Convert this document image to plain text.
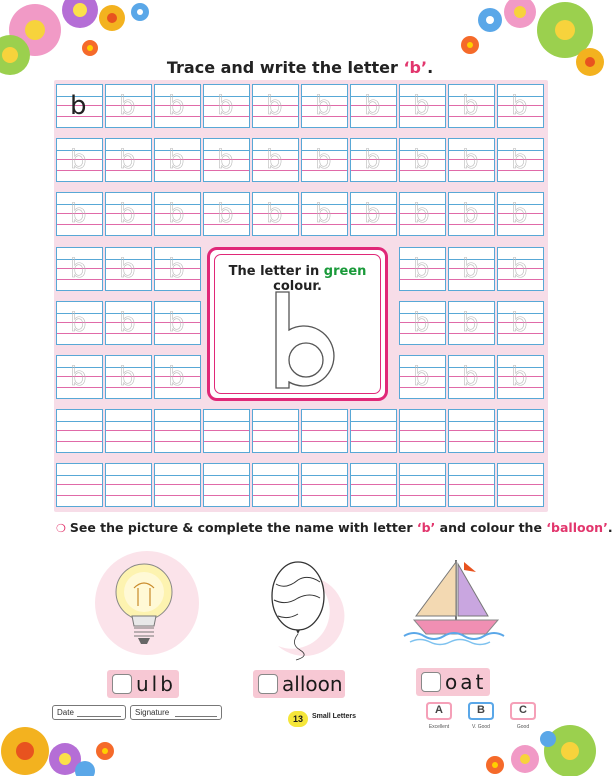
Trace and write the letter ‘b’.
b b b b b b b b b b
b b b b b b b b b b
b b b b b b b b b b
b b b	b b b
b b b	b b b
b b b	b b b
The letter in green colour.
b
❍ See the picture & complete the name with letter ‘b’ and colour the ‘balloon’.
ulb	alloon	oat
Date	Signature
13	Small Letters
A
Excellent
B
V. Good
C
Good
